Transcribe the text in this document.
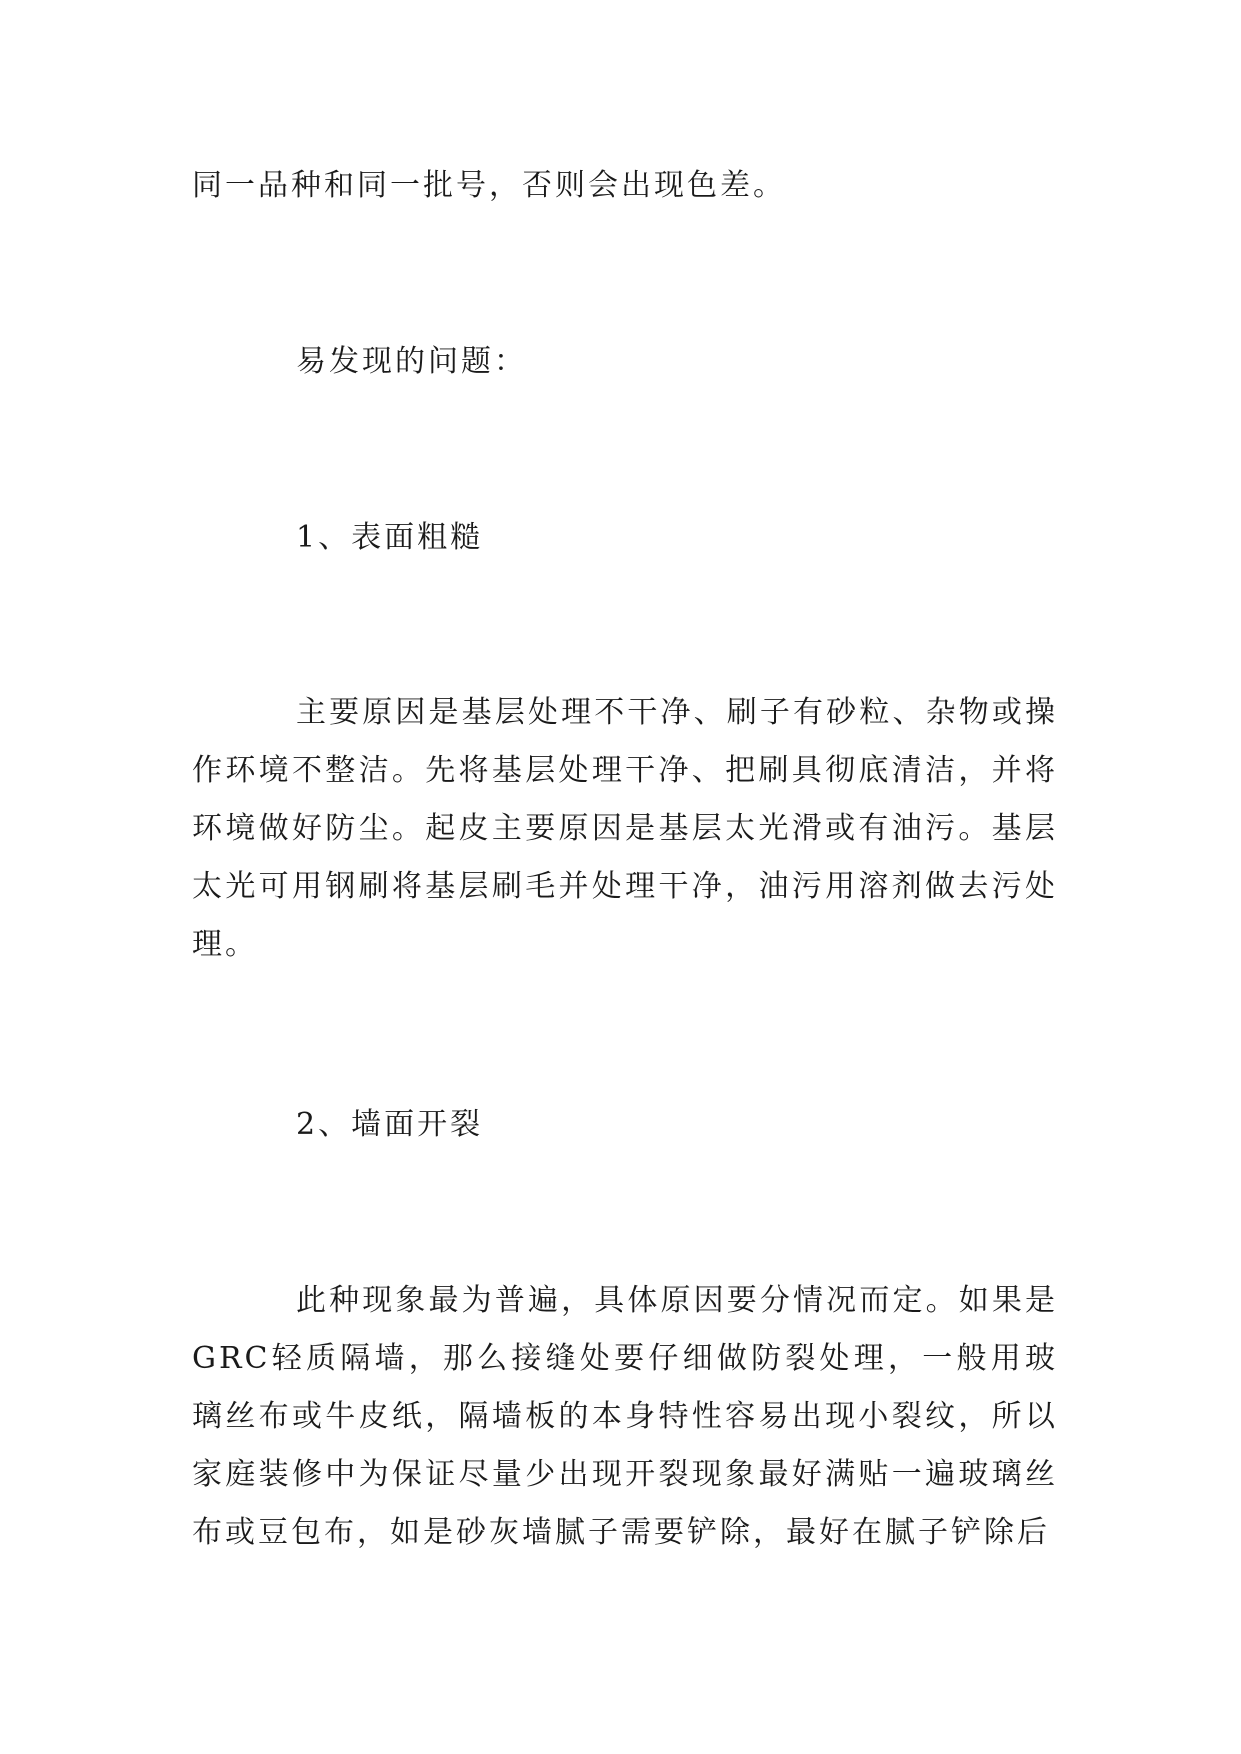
同一品种和同一批号，否则会出现色差。

易发现的问题：

1、表面粗糙

主要原因是基层处理不干净、刷子有砂粒、杂物或操作环境不整洁。先将基层处理干净、把刷具彻底清洁，并将环境做好防尘。起皮主要原因是基层太光滑或有油污。基层太光可用钢刷将基层刷毛并处理干净，油污用溶剂做去污处理。

2、墙面开裂

此种现象最为普遍，具体原因要分情况而定。如果是GRC轻质隔墙，那么接缝处要仔细做防裂处理，一般用玻璃丝布或牛皮纸，隔墙板的本身特性容易出现小裂纹，所以家庭装修中为保证尽量少出现开裂现象最好满贴一遍玻璃丝布或豆包布，如是砂灰墙腻子需要铲除，最好在腻子铲除后
